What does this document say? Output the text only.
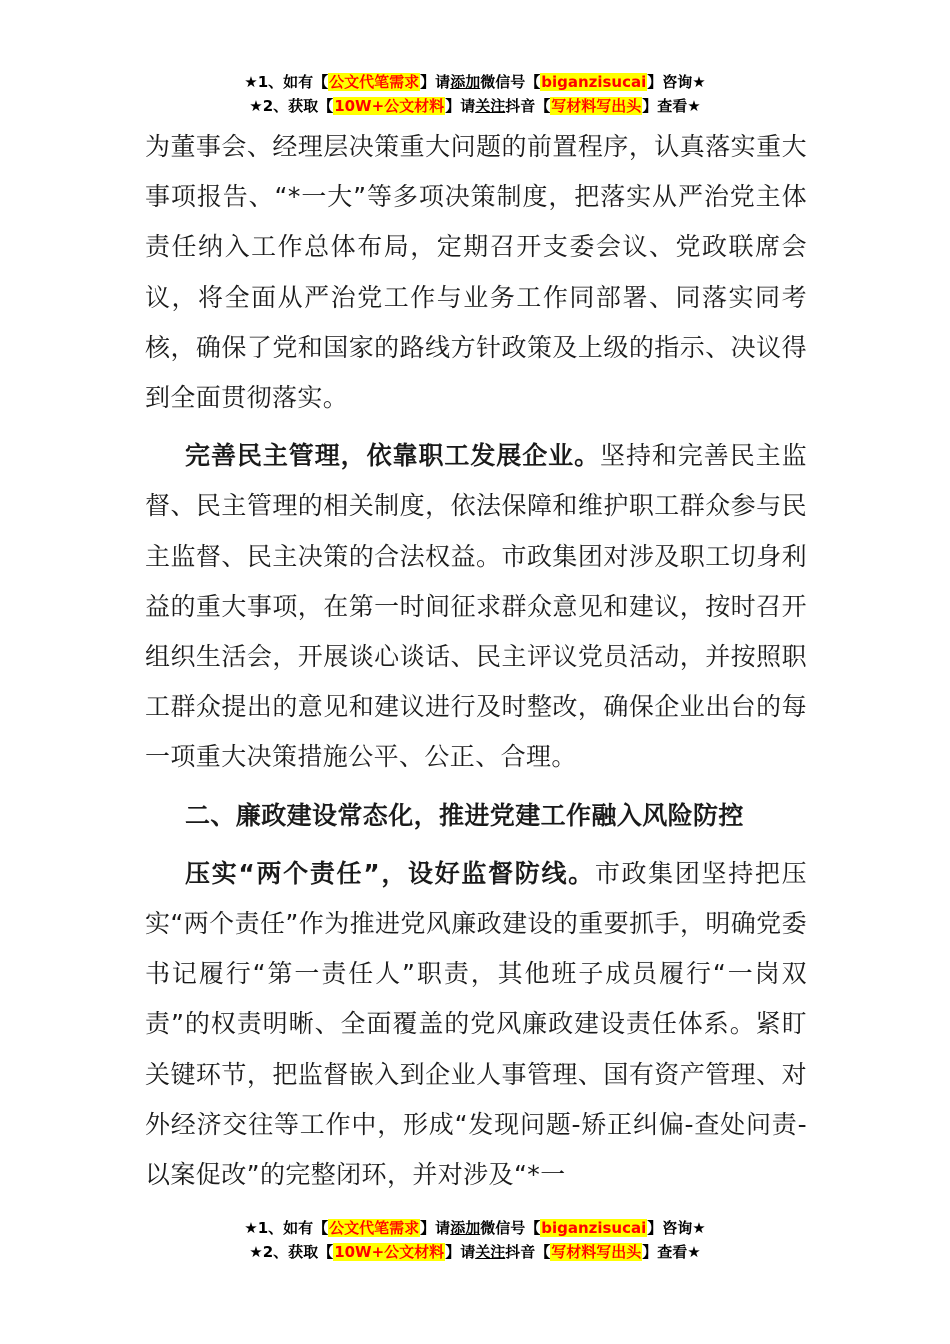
★1、如有【公文代笔需求】请添加微信号【biganzisucai】咨询★
★2、获取【10W+公文材料】请关注抖音【写材料写出头】查看★

为董事会、经理层决策重大问题的前置程序，认真落实重大事项报告、“*一大”等多项决策制度，把落实从严治党主体责任纳入工作总体布局，定期召开支委会议、党政联席会议，将全面从严治党工作与业务工作同部署、同落实同考核，确保了党和国家的路线方针政策及上级的指示、决议得到全面贯彻落实。

完善民主管理，依靠职工发展企业。坚持和完善民主监督、民主管理的相关制度，依法保障和维护职工群众参与民主监督、民主决策的合法权益。市政集团对涉及职工切身利益的重大事项，在第一时间征求群众意见和建议，按时召开组织生活会，开展谈心谈话、民主评议党员活动，并按照职工群众提出的意见和建议进行及时整改，确保企业出台的每一项重大决策措施公平、公正、合理。

二、廉政建设常态化，推进党建工作融入风险防控

压实“两个责任”，设好监督防线。市政集团坚持把压实“两个责任”作为推进党风廉政建设的重要抓手，明确党委书记履行“第一责任人”职责，其他班子成员履行“一岗双责”的权责明晰、全面覆盖的党风廉政建设责任体系。紧盯关键环节，把监督嵌入到企业人事管理、国有资产管理、对外经济交往等工作中，形成“发现问题-矫正纠偏-查处问责-以案促改”的完整闭环，并对涉及“*一

★1、如有【公文代笔需求】请添加微信号【biganzisucai】咨询★
★2、获取【10W+公文材料】请关注抖音【写材料写出头】查看★
